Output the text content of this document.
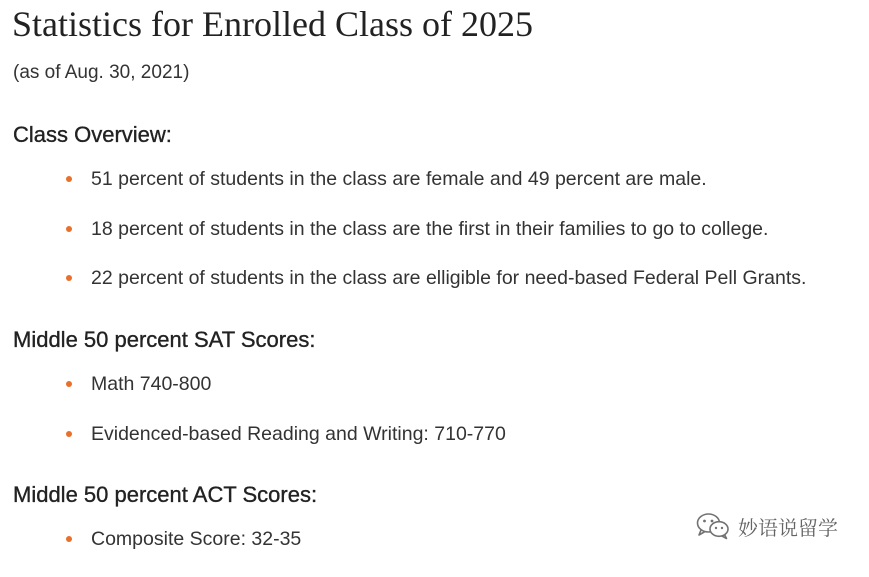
Statistics for Enrolled Class of 2025

(as of Aug. 30, 2021)

Class Overview:
51 percent of students in the class are female and 49 percent are male.
18 percent of students in the class are the first in their families to go to college.
22 percent of students in the class are elligible for need-based Federal Pell Grants.
Middle 50 percent SAT Scores:
Math 740-800
Evidenced-based Reading and Writing: 710-770
Middle 50 percent ACT Scores:
Composite Score: 32-35	妙语说留学
